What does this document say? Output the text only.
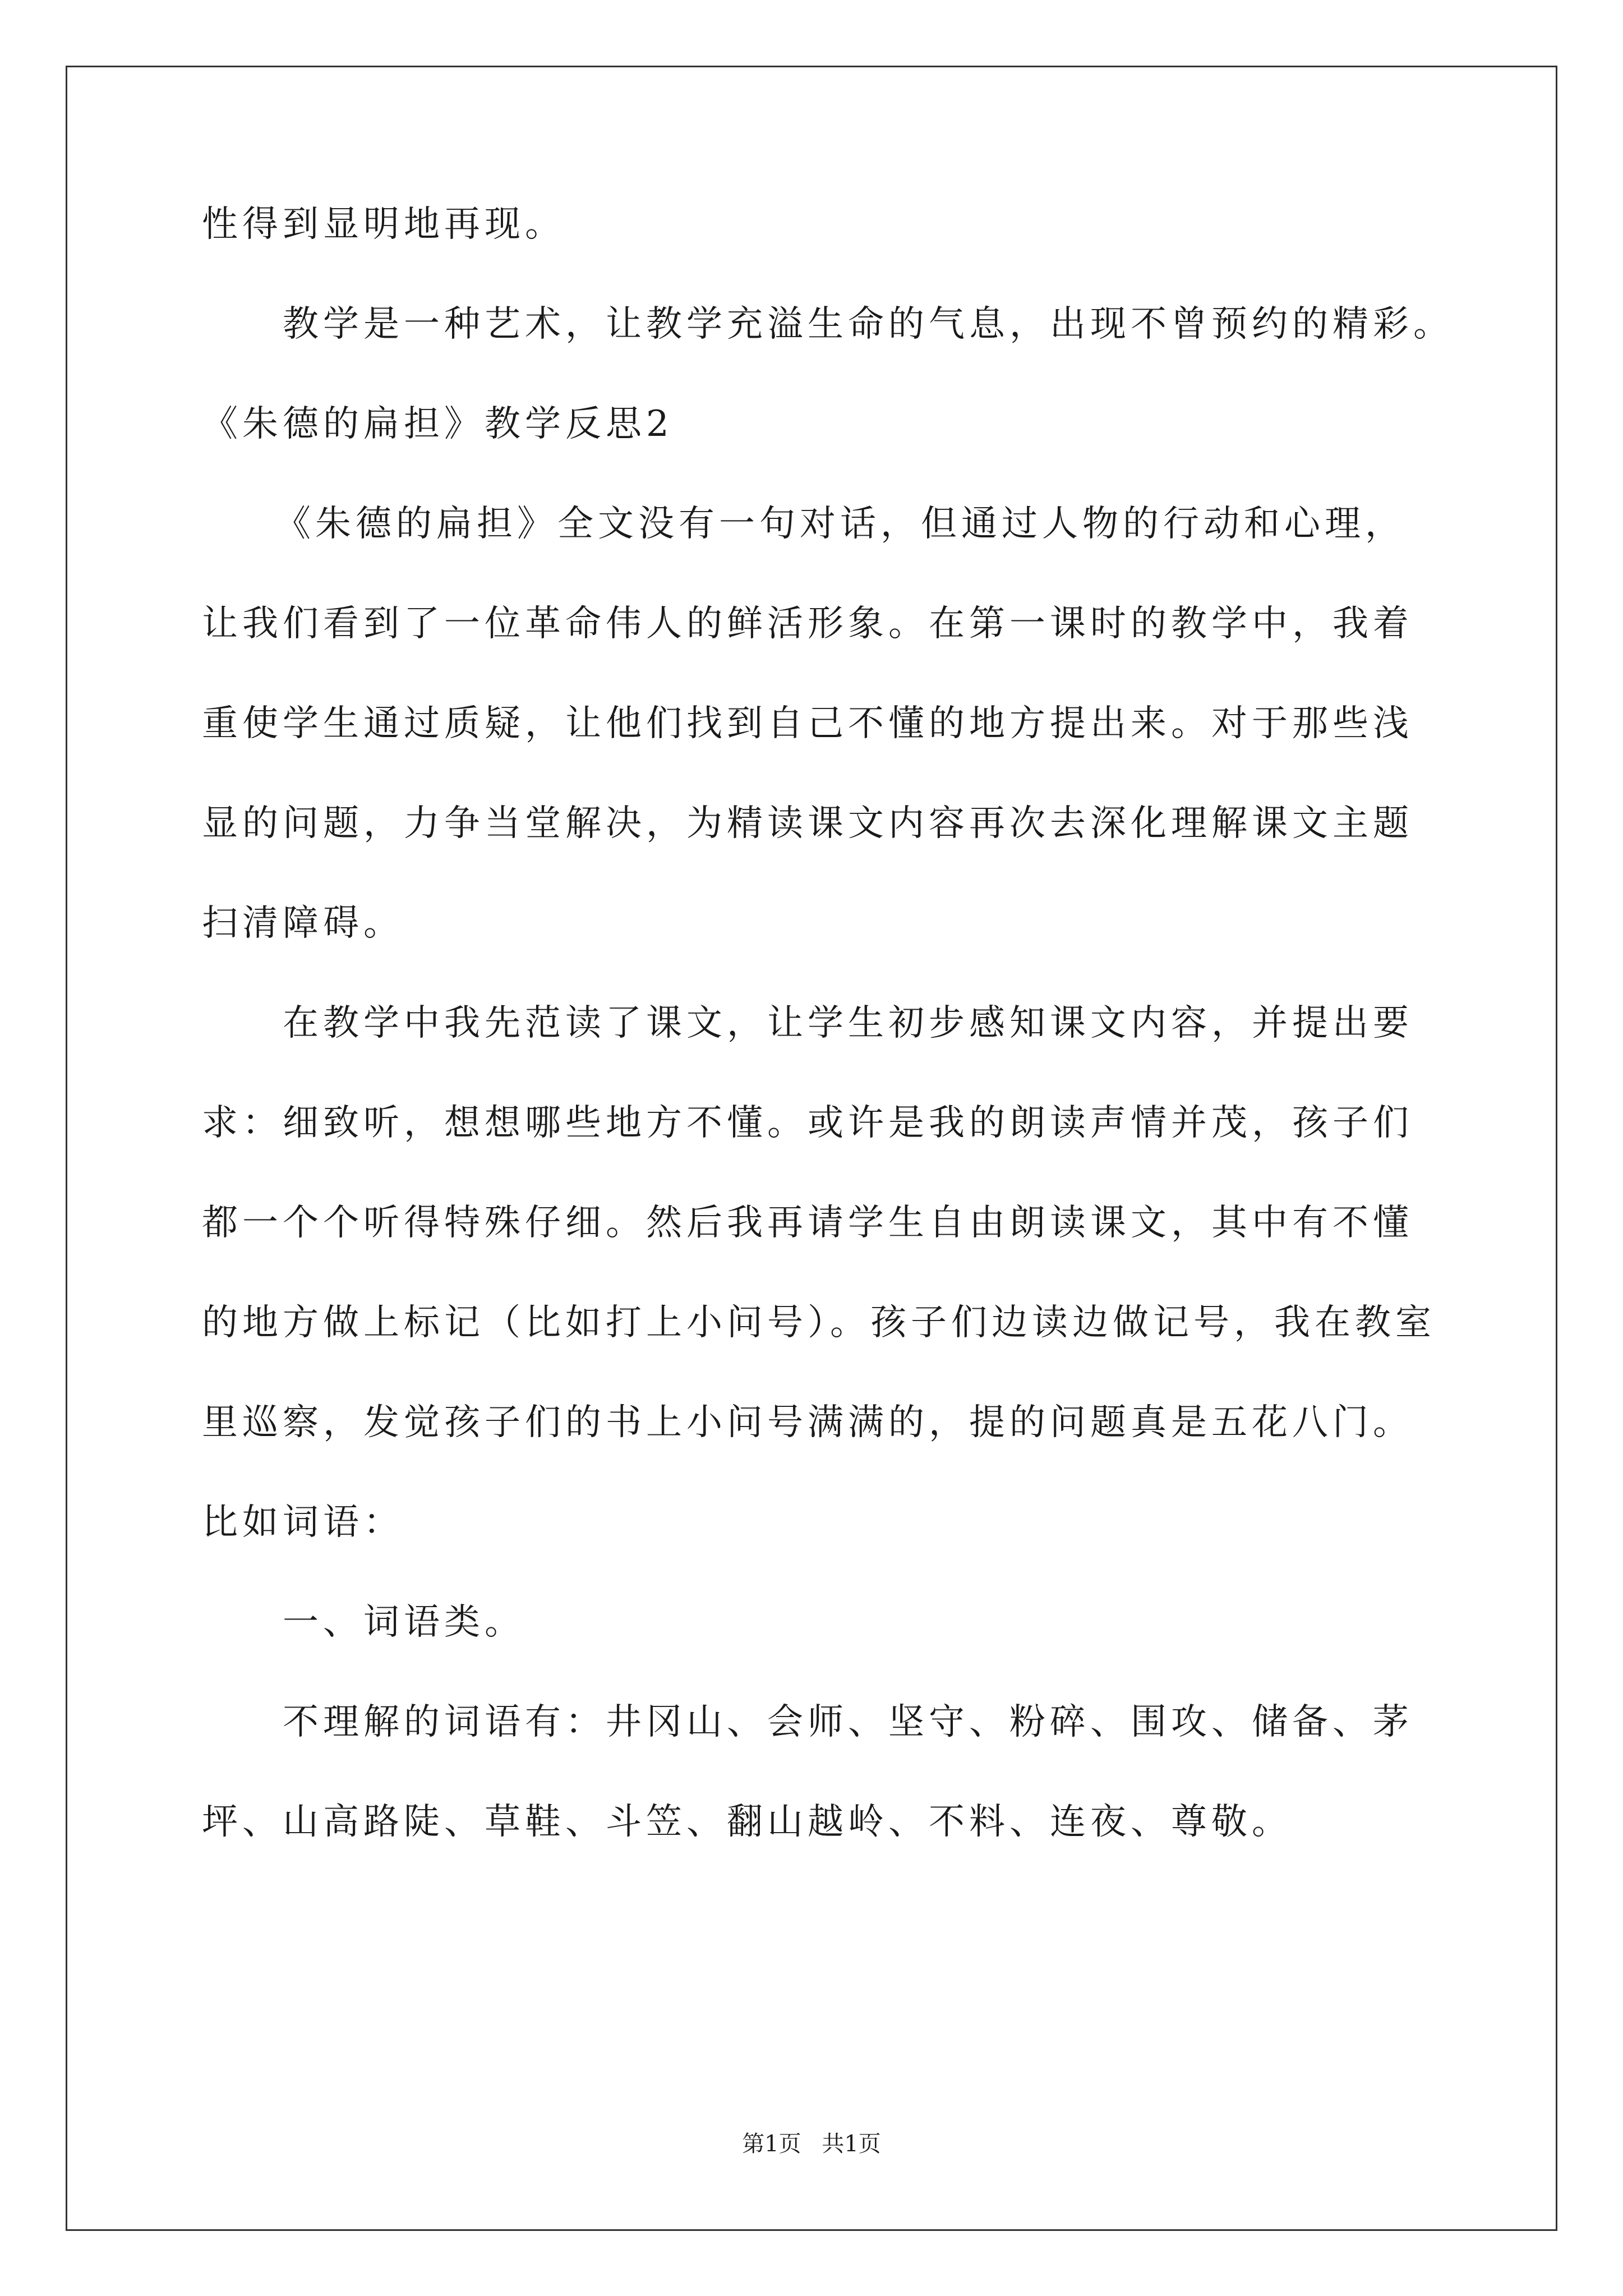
性得到显明地再现。
教学是一种艺术，让教学充溢生命的气息，出现不曾预约的精彩。
《朱德的扁担》教学反思2
《朱德的扁担》全文没有一句对话，但通过人物的行动和心理，
让我们看到了一位革命伟人的鲜活形象。在第一课时的教学中，我着
重使学生通过质疑，让他们找到自己不懂的地方提出来。对于那些浅
显的问题，力争当堂解决，为精读课文内容再次去深化理解课文主题
扫清障碍。
在教学中我先范读了课文，让学生初步感知课文内容，并提出要
求：细致听，想想哪些地方不懂。或许是我的朗读声情并茂，孩子们
都一个个听得特殊仔细。然后我再请学生自由朗读课文，其中有不懂
的地方做上标记（比如打上小问号）。孩子们边读边做记号，我在教室
里巡察，发觉孩子们的书上小问号满满的，提的问题真是五花八门。
比如词语：
一、词语类。
不理解的词语有：井冈山、会师、坚守、粉碎、围攻、储备、茅
坪、山高路陡、草鞋、斗笠、翻山越岭、不料、连夜、尊敬。
第1页 共1页
